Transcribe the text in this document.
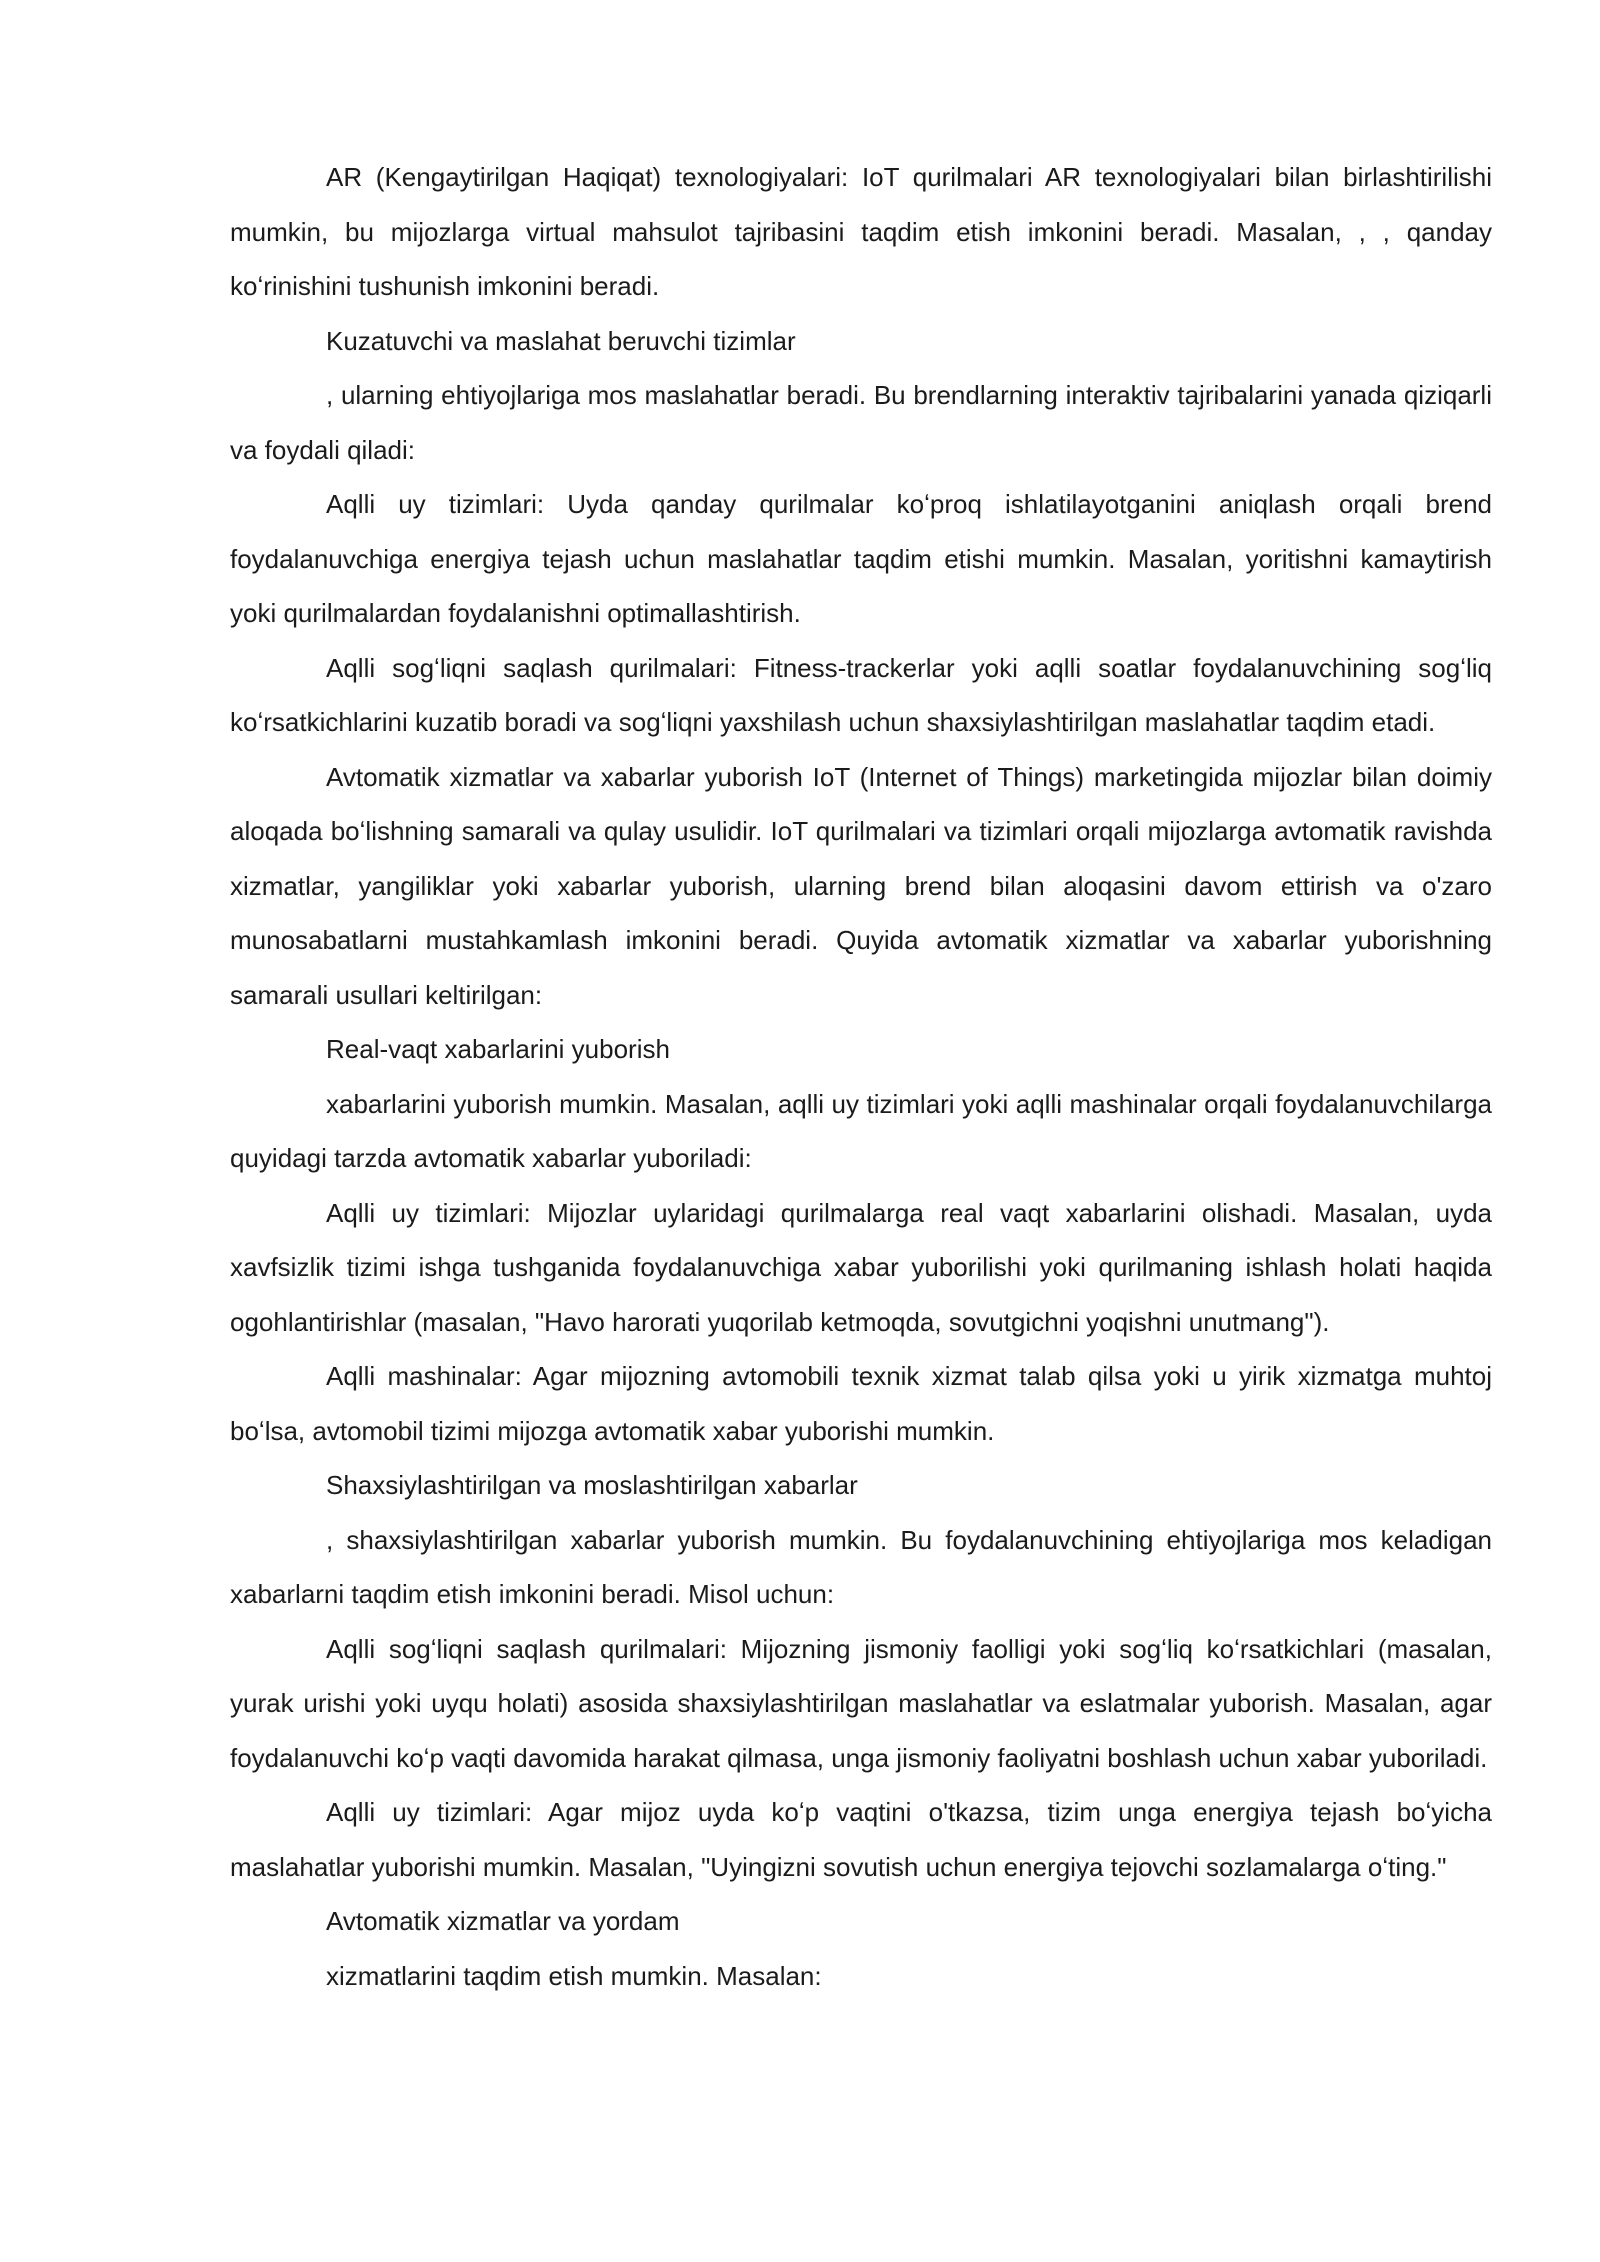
AR (Kengaytirilgan Haqiqat) texnologiyalari: IoT qurilmalari AR texnologiyalari bilan birlashtirilishi mumkin, bu mijozlarga virtual mahsulot tajribasini taqdim etish imkonini beradi. Masalan, , , qanday koʻrinishini tushunish imkonini beradi.

Kuzatuvchi va maslahat beruvchi tizimlar

, ularning ehtiyojlariga mos maslahatlar beradi. Bu brendlarning interaktiv tajribalarini yanada qiziqarli va foydali qiladi:

Aqlli uy tizimlari: Uyda qanday qurilmalar koʻproq ishlatilayotganini aniqlash orqali brend foydalanuvchiga energiya tejash uchun maslahatlar taqdim etishi mumkin. Masalan, yoritishni kamaytirish yoki qurilmalardan foydalanishni optimallashtirish.

Aqlli sogʻliqni saqlash qurilmalari: Fitness-trackerlar yoki aqlli soatlar foydalanuvchining sogʻliq koʻrsatkichlarini kuzatib boradi va sogʻliqni yaxshilash uchun shaxsiylashtirilgan maslahatlar taqdim etadi.

Avtomatik xizmatlar va xabarlar yuborish IoT (Internet of Things) marketingida mijozlar bilan doimiy aloqada boʻlishning samarali va qulay usulidir. IoT qurilmalari va tizimlari orqali mijozlarga avtomatik ravishda xizmatlar, yangiliklar yoki xabarlar yuborish, ularning brend bilan aloqasini davom ettirish va o'zaro munosabatlarni mustahkamlash imkonini beradi. Quyida avtomatik xizmatlar va xabarlar yuborishning samarali usullari keltirilgan:

Real-vaqt xabarlarini yuborish

xabarlarini yuborish mumkin. Masalan, aqlli uy tizimlari yoki aqlli mashinalar orqali foydalanuvchilarga quyidagi tarzda avtomatik xabarlar yuboriladi:

Aqlli uy tizimlari: Mijozlar uylaridagi qurilmalarga real vaqt xabarlarini olishadi. Masalan, uyda xavfsizlik tizimi ishga tushganida foydalanuvchiga xabar yuborilishi yoki qurilmaning ishlash holati haqida ogohlantirishlar (masalan, "Havo harorati yuqorilab ketmoqda, sovutgichni yoqishni unutmang").

Aqlli mashinalar: Agar mijozning avtomobili texnik xizmat talab qilsa yoki u yirik xizmatga muhtoj boʻlsa, avtomobil tizimi mijozga avtomatik xabar yuborishi mumkin.

Shaxsiylashtirilgan va moslashtirilgan xabarlar

, shaxsiylashtirilgan xabarlar yuborish mumkin. Bu foydalanuvchining ehtiyojlariga mos keladigan xabarlarni taqdim etish imkonini beradi. Misol uchun:

Aqlli sogʻliqni saqlash qurilmalari: Mijozning jismoniy faolligi yoki sogʻliq koʻrsatkichlari (masalan, yurak urishi yoki uyqu holati) asosida shaxsiylashtirilgan maslahatlar va eslatmalar yuborish. Masalan, agar foydalanuvchi koʻp vaqti davomida harakat qilmasa, unga jismoniy faoliyatni boshlash uchun xabar yuboriladi.

Aqlli uy tizimlari: Agar mijoz uyda koʻp vaqtini o'tkazsa, tizim unga energiya tejash boʻyicha maslahatlar yuborishi mumkin. Masalan, "Uyingizni sovutish uchun energiya tejovchi sozlamalarga oʻting."

Avtomatik xizmatlar va yordam

xizmatlarini taqdim etish mumkin. Masalan:
